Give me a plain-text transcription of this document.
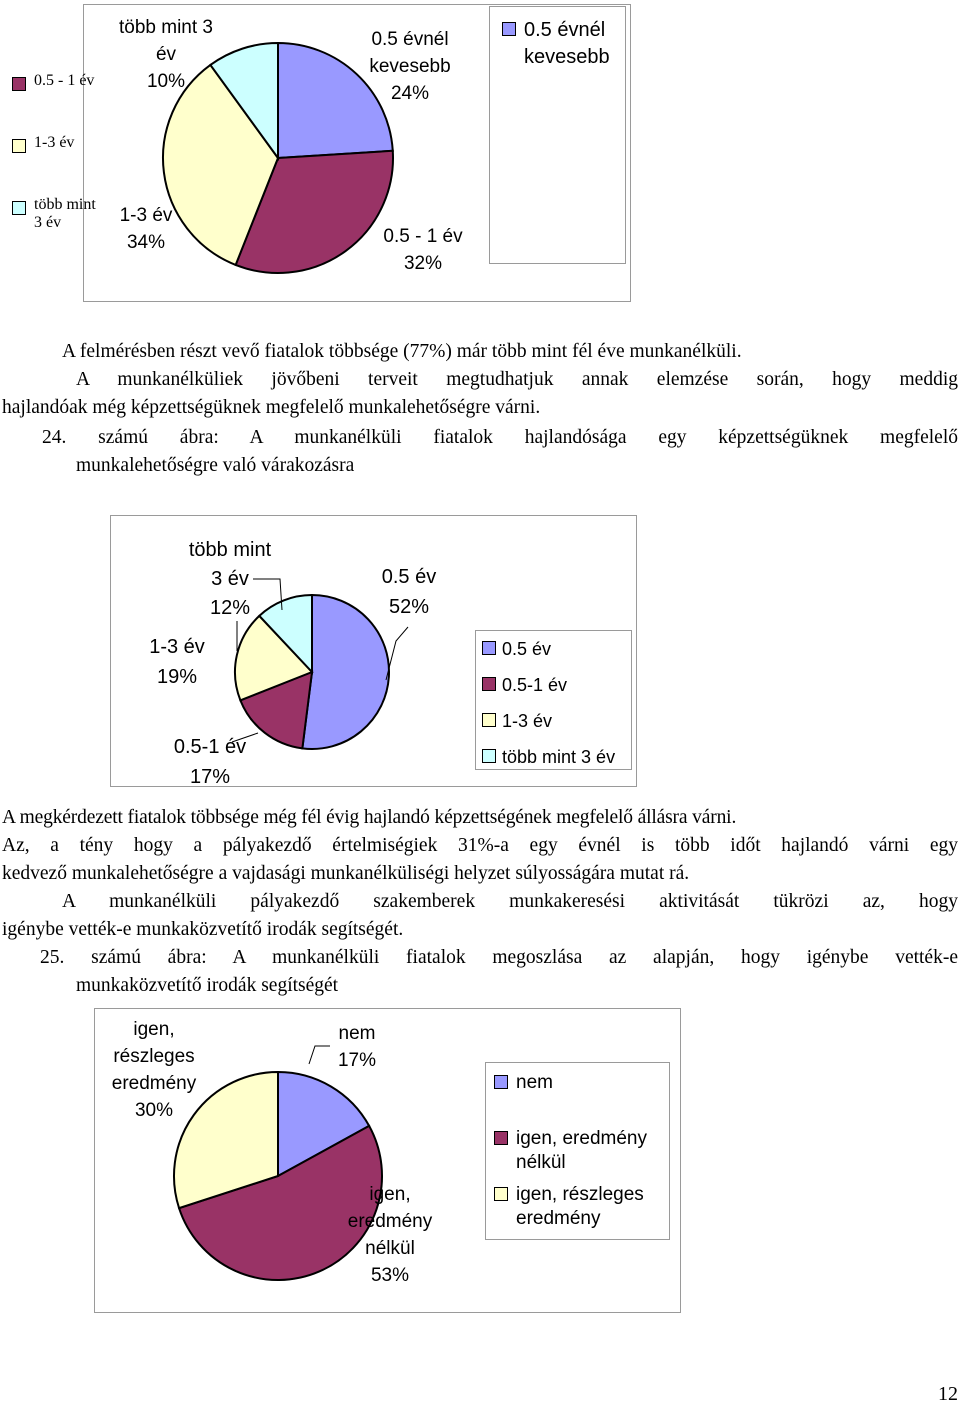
0.5 évnél
kevesebb
24%
0.5 - 1 év
32%
1-3 év
34%
több mint 3
év
10%
0.5 évnél
kevesebb
0.5 - 1 év
1-3 év
több mint
3 év
A felmérésben részt vevő fiatalok többsége (77%) már több mint fél éve munkanélküli.
A munkanélküliek jövőbeni terveit megtudhatjuk annak elemzése során, hogy meddig
hajlandóak még képzettségüknek megfelelő munkalehetőségre várni.
24. számú ábra: A munkanélküli fiatalok hajlandósága egy képzettségüknek megfelelő
munkalehetőségre való várakozásra
0.5 év
52%
0.5-1 év
17%
1-3 év
19%
több mint
3 év
12%
0.5 év
0.5-1 év
1-3 év
több mint 3 év
A megkérdezett fiatalok többsége még fél évig hajlandó képzettségének megfelelő állásra várni.
Az, a tény hogy a pályakezdő értelmiségiek 31%-a egy évnél is több időt hajlandó várni egy
kedvező munkalehetőségre a vajdasági munkanélküliségi helyzet súlyosságára mutat rá.
A munkanélküli pályakezdő szakemberek munkakeresési aktivitását tükrözi az, hogy
igénybe vették-e munkaközvetítő irodák segítségét.
25. számú ábra: A munkanélküli fiatalok megoszlása az alapján, hogy igénybe vették-e
munkaközvetítő irodák segítségét
nem
17%
igen,
eredmény
nélkül
53%
igen,
részleges
eredmény
30%
nem
igen, eredmény
nélkül
igen, részleges
eredmény
12
